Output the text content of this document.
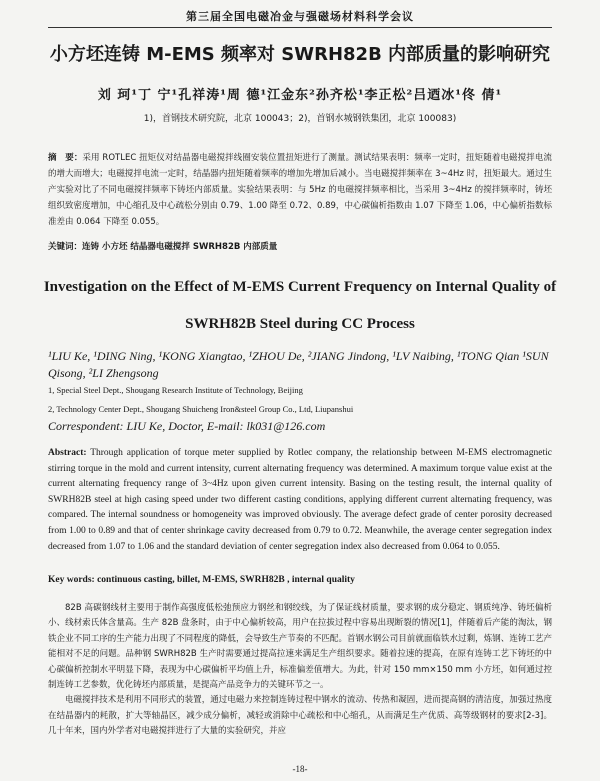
第三届全国电磁冶金与强磁场材料科学会议
小方坯连铸 M-EMS 频率对 SWRH82B 内部质量的影响研究
刘 珂¹丁 宁¹孔祥涛¹周 德¹江金东²孙齐松¹李正松²吕迺冰¹佟 倩¹
1)，首钢技术研究院，北京 100043；2)，首钢水城钢铁集团，北京 100083)
摘　要：采用 ROTLEC 扭矩仪对结晶器电磁搅拌线圈安装位置扭矩进行了测量。测试结果表明：频率一定时，扭矩随着电磁搅拌电流的增大而增大；电磁搅拌电流一定时，结晶器内扭矩随着频率的增加先增加后减小。当电磁搅拌频率在 3~4Hz 时，扭矩最大。通过生产实验对比了不同电磁搅拌频率下铸坯内部质量。实验结果表明：与 5Hz 的电磁搅拌频率相比，当采用 3~4Hz 的搅拌频率时，铸坯组织致密度增加，中心缩孔及中心疏松分别由 0.79、1.00 降至 0.72、0.89，中心碳偏析指数由 1.07 下降至 1.06，中心偏析指数标准差由 0.064 下降至 0.055。
关键词：连铸 小方坯 结晶器电磁搅拌 SWRH82B 内部质量
Investigation on the Effect of M-EMS Current Frequency on Internal Quality of
SWRH82B Steel during CC Process
¹LIU Ke, ¹DING Ning, ¹KONG Xiangtao, ¹ZHOU De, ²JIANG Jindong, ¹LV Naibing, ¹TONG Qian ¹SUN Qisong, ²LI Zhengsong
1, Special Steel Dept., Shougang Research Institute of Technology, Beijing
2, Technology Center Dept., Shougang Shuicheng Iron&steel Group Co., Ltd, Liupanshui
Correspondent: LIU Ke, Doctor, E-mail: lk031@126.com
Abstract: Through application of torque meter supplied by Rotlec company, the relationship between M-EMS electromagnetic stirring torque in the mold and current intensity, current alternating frequency was determined. A maximum torque value exist at the current alternating frequency range of 3~4Hz upon given current intensity. Basing on the testing result, the internal quality of SWRH82B steel at high casing speed under two different casting conditions, applying different current alternating frequency, was compared. The internal soundness or homogeneity was improved obviously. The average defect grade of center porosity decreased from 1.00 to 0.89 and that of center shrinkage cavity decreased from 0.79 to 0.72. Meanwhile, the average center segregation index decreased from 1.07 to 1.06 and the standard deviation of center segregation index also decreased from 0.064 to 0.055.
Key words: continuous casting, billet, M-EMS, SWRH82B , internal quality

82B 高碳钢线材主要用于制作高强度低松弛预应力钢丝和钢绞线，为了保证线材质量，要求钢的成分稳定、钢质纯净、铸坯偏析小、线材索氏体含量高。生产 82B 盘条时，由于中心偏析较高，用户在拉拔过程中容易出现断裂的情况[1]，伴随着后产能的淘汰，钢铁企业不同工序的生产能力出现了不同程度的降低，会导致生产节奏的不匹配。首钢水钢公司目前就面临铁水过剩，炼钢、连铸工艺产能相对不足的问题。品种钢 SWRH82B 生产时需要通过提高拉速来满足生产组织要求。随着拉速的提高，在原有连铸工艺下铸坯的中心碳偏析控制水平明显下降，表现为中心碳偏析平均值上升，标准偏差值增大。为此，针对 150 mm×150 mm 小方坯，如何通过控制连铸工艺参数，优化铸坯内部质量，是提高产品竞争力的关键环节之一。

电磁搅拌技术是利用不同形式的装置，通过电磁力来控制连铸过程中钢水的流动、传热和凝固，进而提高钢的清洁度，加强过热度在结晶器内的耗散，扩大等轴晶区，减少成分偏析，减轻或消除中心疏松和中心缩孔，从而满足生产优质、高等级钢材的要求[2-3]。几十年来，国内外学者对电磁搅拌进行了大量的实验研究，并应

-18-
